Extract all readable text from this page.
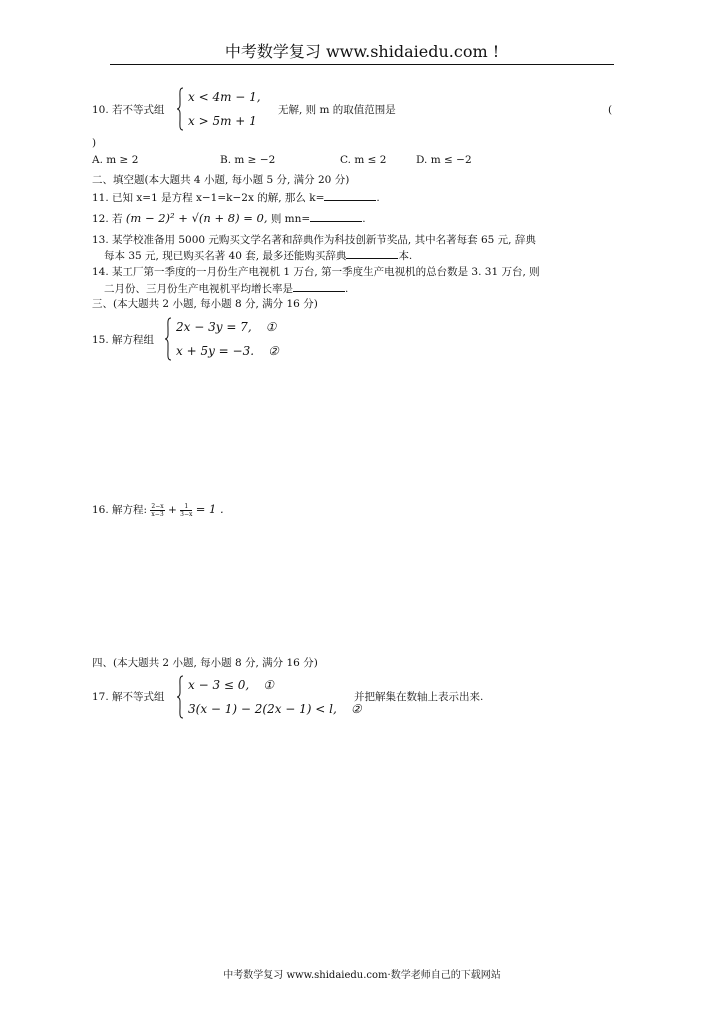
中考数学复习 www.shidaiedu.com !
10. 若不等式组
x < 4m − 1,
x > 5m + 1
无解, 则 m 的取值范围是	(
)
A. m ≥ 2	B. m ≥ −2	C. m ≤ 2	D. m ≤ −2
二、填空题(本大题共 4 小题, 每小题 5 分, 满分 20 分)
11. 已知 x=1 是方程 x−1=k−2x 的解, 那么 k=	.
12. 若 (m − 2)² + √(n + 8) = 0, 则 mn=	.
13. 某学校准备用 5000 元购买文学名著和辞典作为科技创新节奖品, 其中名著每套 65 元, 辞典
每本 35 元, 现已购买名著 40 套, 最多还能购买辞典	本.
14. 某工厂第一季度的一月份生产电视机 1 万台, 第一季度生产电视机的总台数是 3. 31 万台, 则
二月份、三月份生产电视机平均增长率是	.
三、(本大题共 2 小题, 每小题 8 分, 满分 16 分)
15. 解方程组
2x − 3y = 7, ①
x + 5y = −3. ②
16. 解方程: $\frac{2-x}{x-3} + \frac{1}{3-x} = 1$ .
四、(本大题共 2 小题, 每小题 8 分, 满分 16 分)
17. 解不等式组
x − 3 ≤ 0, ①
3(x − 1) − 2(2x − 1) < l, ②
并把解集在数轴上表示出来.
中考数学复习 www.shidaiedu.com·数学老师自己的下载网站
